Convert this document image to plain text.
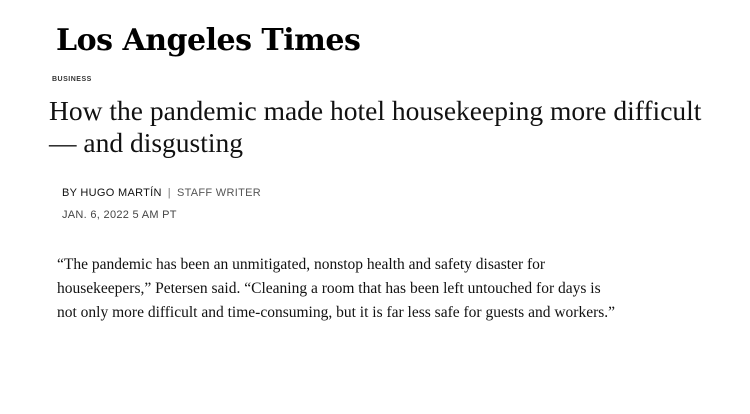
Los Angeles Times
BUSINESS
How the pandemic made hotel housekeeping more difficult — and disgusting
BY HUGO MARTÍN | STAFF WRITER
JAN. 6, 2022 5 AM PT

“The pandemic has been an unmitigated, nonstop health and safety disaster for housekeepers,” Petersen said. “Cleaning a room that has been left untouched for days is not only more difficult and time-consuming, but it is far less safe for guests and workers.”
